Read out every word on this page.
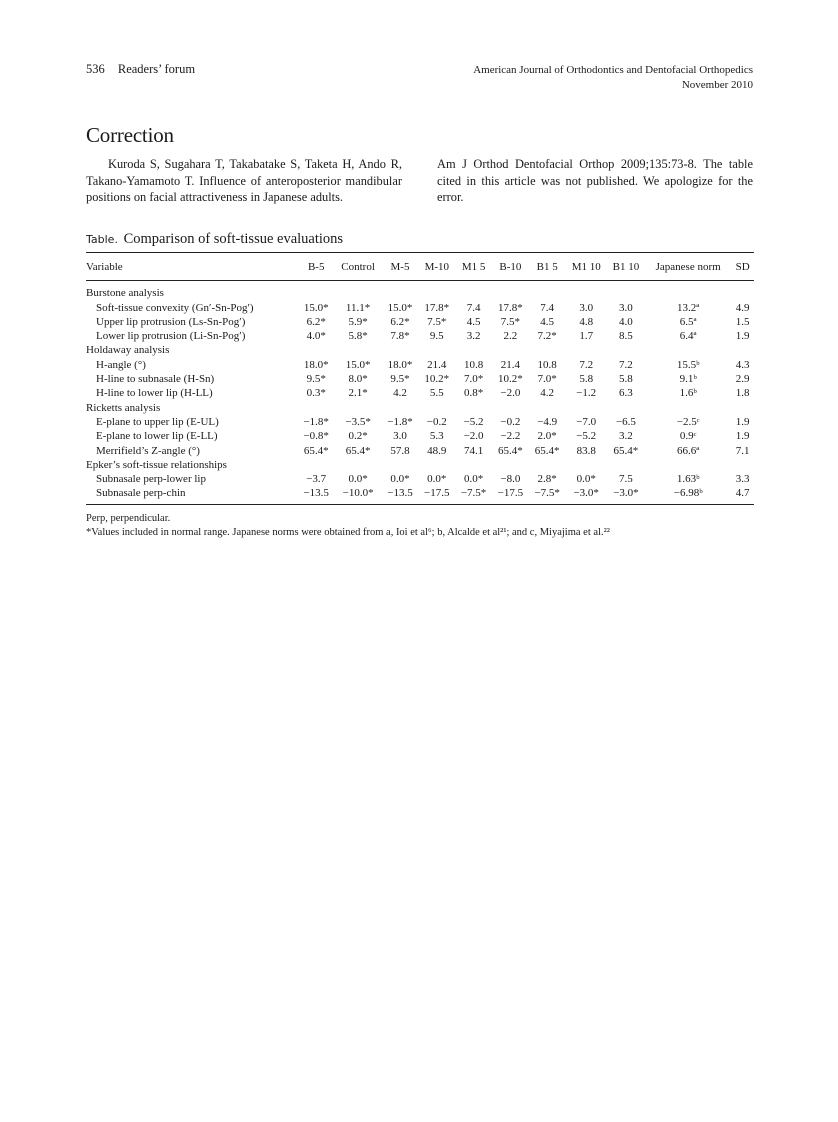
536 Readers’ forum	American Journal of Orthodontics and Dentofacial Orthopedics
November 2010
Correction
Kuroda S, Sugahara T, Takabatake S, Taketa H, Ando R, Takano-Yamamoto T. Influence of anteroposterior mandibular positions on facial attractiveness in Japanese adults.
Am J Orthod Dentofacial Orthop 2009;135:73-8. The table cited in this article was not published. We apologize for the error.
Table. Comparison of soft-tissue evaluations
Variable	B-5	Control	M-5	M-10	M1 5	B-10	B1 5	M1 10	B1 10	Japanese norm	SD
Burstone analysis											
Soft-tissue convexity (Gn′-Sn-Pog′)	15.0*	11.1*	15.0*	17.8*	7.4	17.8*	7.4	3.0	3.0	13.2ª	4.9
Upper lip protrusion (Ls-Sn-Pog′)	6.2*	5.9*	6.2*	7.5*	4.5	7.5*	4.5	4.8	4.0	6.5ª	1.5
Lower lip protrusion (Li-Sn-Pog′)	4.0*	5.8*	7.8*	9.5	3.2	2.2	7.2*	1.7	8.5	6.4ª	1.9
Holdaway analysis											
H-angle (°)	18.0*	15.0*	18.0*	21.4	10.8	21.4	10.8	7.2	7.2	15.5ᵇ	4.3
H-line to subnasale (H-Sn)	9.5*	8.0*	9.5*	10.2*	7.0*	10.2*	7.0*	5.8	5.8	9.1ᵇ	2.9
H-line to lower lip (H-LL)	0.3*	2.1*	4.2	5.5	0.8*	−2.0	4.2	−1.2	6.3	1.6ᵇ	1.8
Ricketts analysis											
E-plane to upper lip (E-UL)	−1.8*	−3.5*	−1.8*	−0.2	−5.2	−0.2	−4.9	−7.0	−6.5	−2.5ᶜ	1.9
E-plane to lower lip (E-LL)	−0.8*	0.2*	3.0	5.3	−2.0	−2.2	2.0*	−5.2	3.2	0.9ᶜ	1.9
Merrifield’s Z-angle (°)	65.4*	65.4*	57.8	48.9	74.1	65.4*	65.4*	83.8	65.4*	66.6ª	7.1
Epker’s soft-tissue relationships											
Subnasale perp-lower lip	−3.7	0.0*	0.0*	0.0*	0.0*	−8.0	2.8*	0.0*	7.5	1.63ᵇ	3.3
Subnasale perp-chin	−13.5	−10.0*	−13.5	−17.5	−7.5*	−17.5	−7.5*	−3.0*	−3.0*	−6.98ᵇ	4.7
Perp, perpendicular.
*Values included in normal range. Japanese norms were obtained from a, Ioi et al⁶; b, Alcalde et al²¹; and c, Miyajima et al.²²
